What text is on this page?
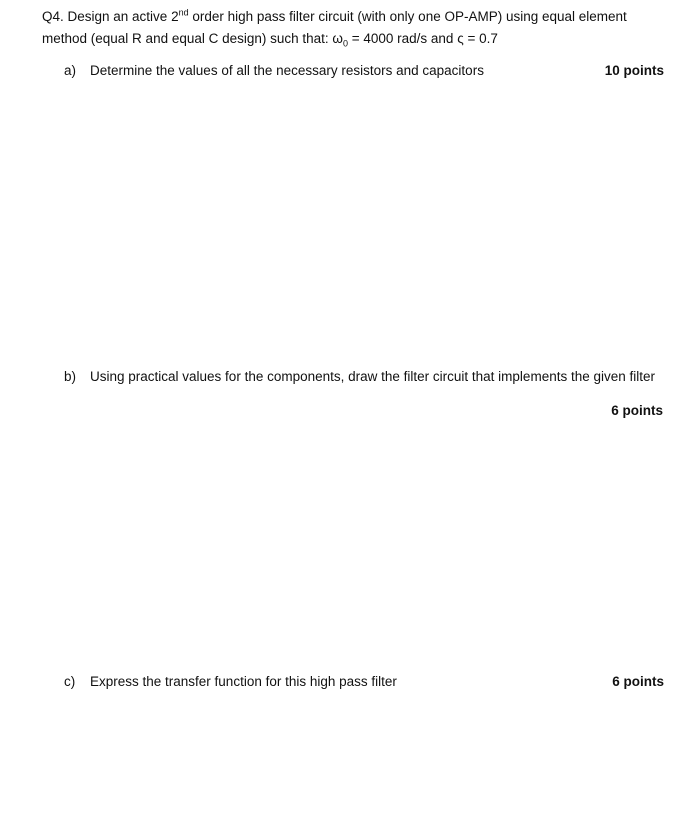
Q4. Design an active 2nd order high pass filter circuit (with only one OP-AMP) using equal element
method (equal R and equal C design) such that: $\omega_0 = 4000$ rad/s and ς = 0.7
a) Determine the values of all the necessary resistors and capacitors	10 points
b) Using practical values for the components, draw the filter circuit that implements the given filter
6 points
c) Express the transfer function for this high pass filter	6 points
